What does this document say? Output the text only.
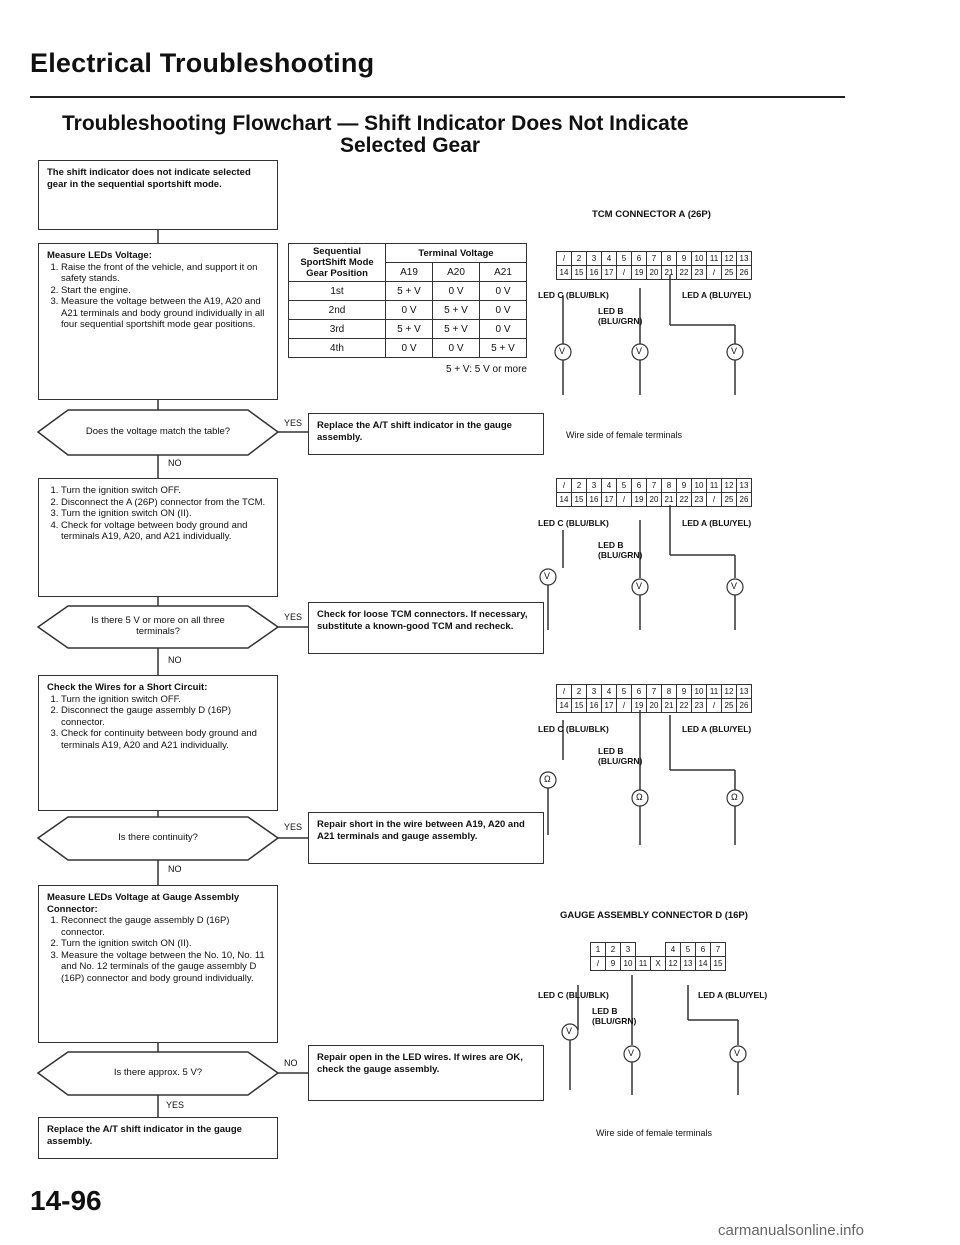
Electrical Troubleshooting
Troubleshooting Flowchart — Shift Indicator Does Not Indicate
Selected Gear
V	V	V
V
V	V
Ω
Ω	Ω
V
V	V
The shift indicator does not indicate selected gear in the sequential sportshift mode.
Measure LEDs Voltage:
1. Raise the front of the vehicle, and support it on safety stands.
2. Start the engine.
3. Measure the voltage between the A19, A20 and A21 terminals and body ground individually in all four sequential sportshift mode gear positions.
Sequential SportShift Mode Gear Position	Terminal Voltage		
	A19	A20	A21
1st	5 + V	0 V	0 V
2nd	0 V	5 + V	0 V
3rd	5 + V	5 + V	0 V
4th	0 V	0 V	5 + V
5 + V: 5 V or more
Does the voltage match the table?
YES
NO
Replace the A/T shift indicator in the gauge assembly.
1. Turn the ignition switch OFF.
2. Disconnect the A (26P) connector from the TCM.
3. Turn the ignition switch ON (II).
4. Check for voltage between body ground and terminals A19, A20, and A21 individually.
Is there 5 V or more on all three terminals?
YES
NO
Check for loose TCM connectors. If necessary, substitute a known-good TCM and recheck.
Check the Wires for a Short Circuit:
1. Turn the ignition switch OFF.
2. Disconnect the gauge assembly D (16P) connector.
3. Check for continuity between body ground and terminals A19, A20 and A21 individually.
Is there continuity?
YES
NO
Repair short in the wire between A19, A20 and A21 terminals and gauge assembly.
Measure LEDs Voltage at Gauge Assembly Connector:
1. Reconnect the gauge assembly D (16P) connector.
2. Turn the ignition switch ON (II).
3. Measure the voltage between the No. 10, No. 11 and No. 12 terminals of the gauge assembly D (16P) connector and body ground individually.
Is there approx. 5 V?
NO
YES
Repair open in the LED wires. If wires are OK, check the gauge assembly.
Replace the A/T shift indicator in the gauge assembly.
TCM CONNECTOR A (26P)
/	2	3	4	5	6	7	8	9	10	11	12	13
14	15	16	17	/	19	20	21	22	23	/	25	26
LED C (BLU/BLK)	LED A (BLU/YEL)
LED B
(BLU/GRN)
Wire side of female terminals
/	2	3	4	5	6	7	8	9	10	11	12	13
14	15	16	17	/	19	20	21	22	23	/	25	26
LED C (BLU/BLK)	LED A (BLU/YEL)
LED B
(BLU/GRN)
/	2	3	4	5	6	7	8	9	10	11	12	13
14	15	16	17	/	19	20	21	22	23	/	25	26
LED C (BLU/BLK)	LED A (BLU/YEL)
LED B
(BLU/GRN)
GAUGE ASSEMBLY CONNECTOR D (16P)
1	2	3			4	5	6	7
/	9	10	11	X	12	13	14	15
LED C (BLU/BLK)	LED A (BLU/YEL)
LED B
(BLU/GRN)
Wire side of female terminals
14-96
carmanualsonline.info
